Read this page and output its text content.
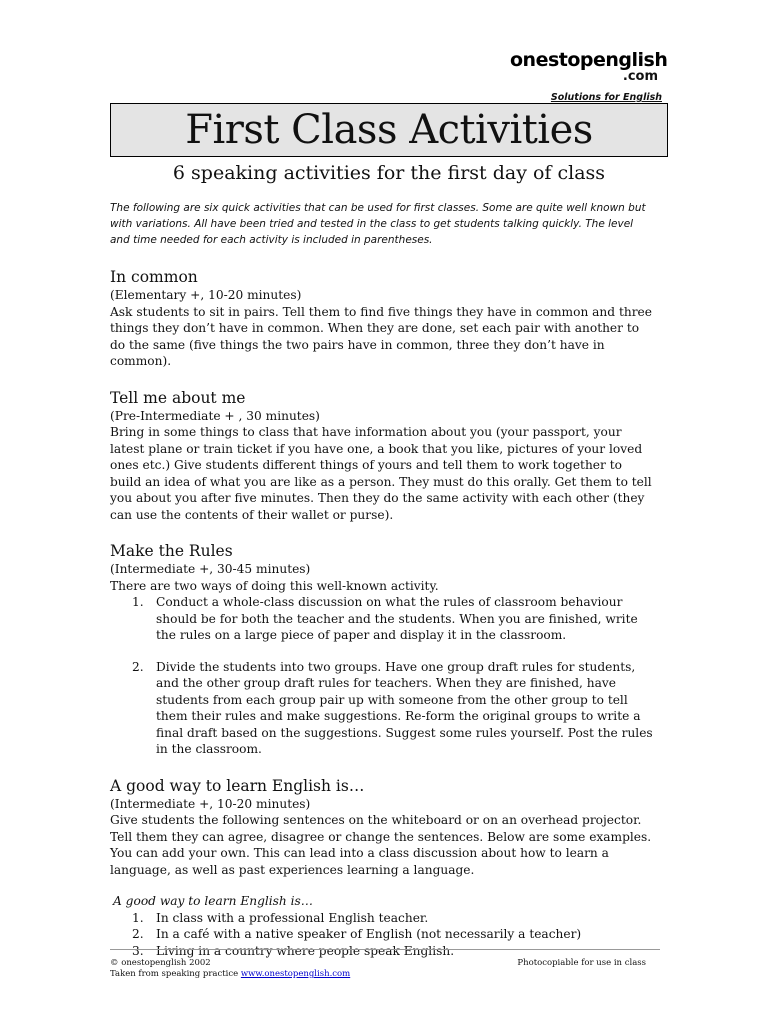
onestopenglish
.com
Solutions for English
First Class Activities
6 speaking activities for the first day of class

The following are six quick activities that can be used for first classes. Some are quite well known but with variations. All have been tried and tested in the class to get students talking quickly. The level and time needed for each activity is included in parentheses.

In common

(Elementary +, 10-20 minutes)

Ask students to sit in pairs. Tell them to find five things they have in common and three things they don’t have in common. When they are done, set each pair with another to do the same (five things the two pairs have in common, three they don’t have in common).

Tell me about me

(Pre-Intermediate + , 30 minutes)

Bring in some things to class that have information about you (your passport, your latest plane or train ticket if you have one, a book that you like, pictures of your loved ones etc.) Give students different things of yours and tell them to work together to build an idea of what you are like as a person. They must do this orally. Get them to tell you about you after five minutes. Then they do the same activity with each other (they can use the contents of their wallet or purse).

Make the Rules

(Intermediate +, 30-45 minutes)

There are two ways of doing this well-known activity.

1. Conduct a whole-class discussion on what the rules of classroom behaviour should be for both the teacher and the students. When you are finished, write the rules on a large piece of paper and display it in the classroom.
2. Divide the students into two groups. Have one group draft rules for students, and the other group draft rules for teachers. When they are finished, have students from each group pair up with someone from the other group to tell them their rules and make suggestions. Re-form the original groups to write a final draft based on the suggestions. Suggest some rules yourself. Post the rules in the classroom.
A good way to learn English is…

(Intermediate +, 10-20 minutes)

Give students the following sentences on the whiteboard or on an overhead projector. Tell them they can agree, disagree or change the sentences. Below are some examples. You can add your own. This can lead into a class discussion about how to learn a language, as well as past experiences learning a language.

A good way to learn English is…

1. In class with a professional English teacher.
2. In a café with a native speaker of English (not necessarily a teacher)
3. Living in a country where people speak English.
© onestopenglish 2002
Taken from speaking practice www.onestopenglish.com
Photocopiable for use in class
